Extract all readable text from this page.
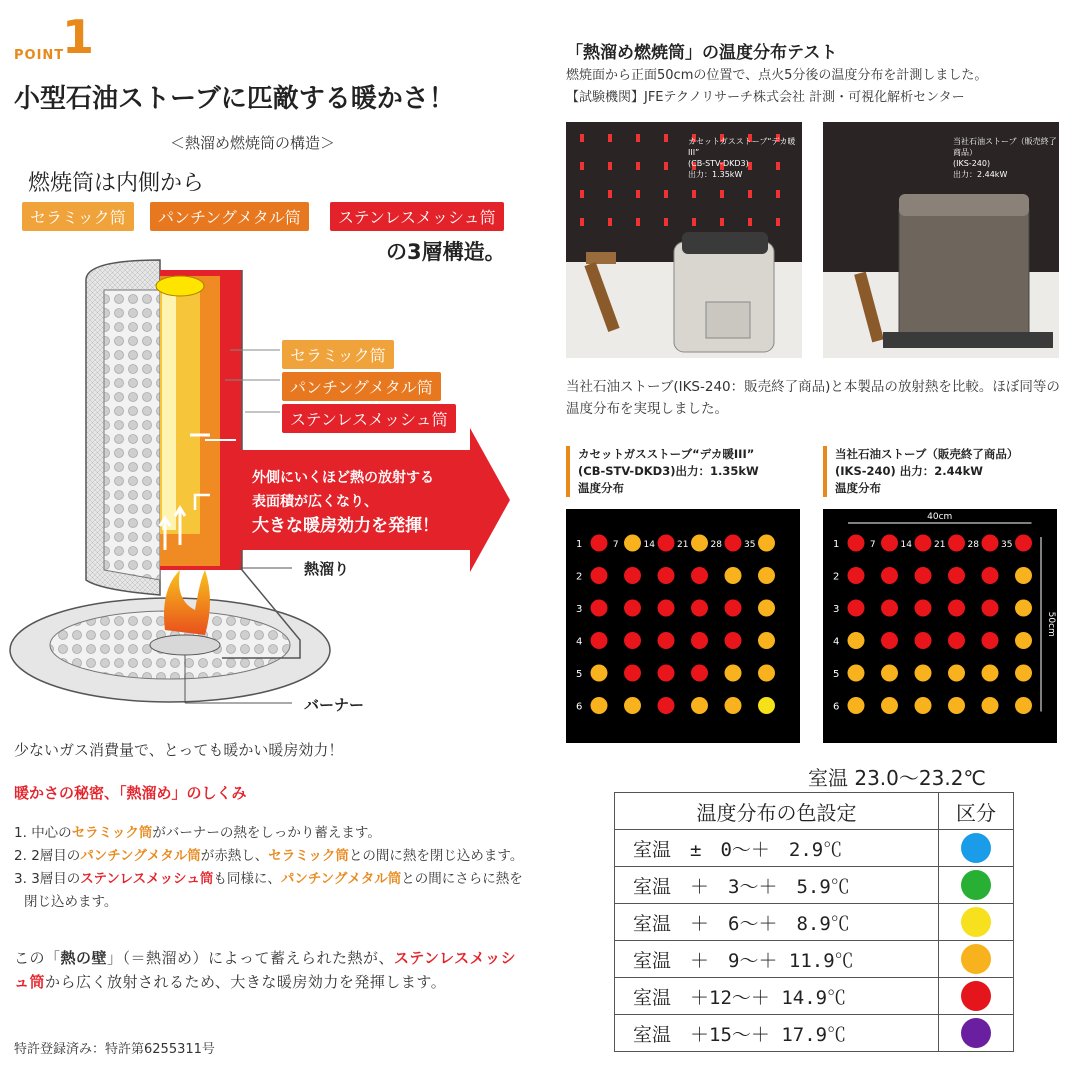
POINT
1
小型石油ストーブに匹敵する暖かさ！
＜熱溜め燃焼筒の構造＞
燃焼筒は内側から
セラミック筒	パンチングメタル筒	ステンレスメッシュ筒
の3層構造。
セラミック筒
パンチングメタル筒
ステンレスメッシュ筒
外側にいくほど熱の放射する
表面積が広くなり、
大きな暖房効力を発揮！
熱溜り
バーナー
少ないガス消費量で、とっても暖かい暖房効力！
暖かさの秘密、「熱溜め」のしくみ
1. 中心のセラミック筒がバーナーの熱をしっかり蓄えます。
2. 2層目のパンチングメタル筒が赤熱し、セラミック筒との間に熱を閉じ込めます。
3. 3層目のステンレスメッシュ筒も同様に、パンチングメタル筒との間にさらに熱を閉じ込めます。
この「熱の壁」（＝熱溜め）によって蓄えられた熱が、ステンレスメッシュ筒から広く放射されるため、大きな暖房効力を発揮します。
特許登録済み：特許第6255311号
「熱溜め燃焼筒」の温度分布テスト
燃焼面から正面50cmの位置で、点火5分後の温度分布を計測しました。
【試験機関】JFEテクノリサーチ株式会社 計測・可視化解析センター
カセットガスストーブ“デカ暖III”
(CB-STV-DKD3)
出力：1.35kW
当社石油ストーブ（販売終了商品）
(IKS-240)
出力：2.44kW
当社石油ストーブ(IKS-240：販売終了商品)と本製品の放射熱を比較。ほぼ同等の温度分布を実現しました。
カセットガスストーブ“デカ暖III”
(CB-STV-DKD3)出力：1.35kW
温度分布
当社石油ストーブ（販売終了商品）
(IKS-240) 出力：2.44kW
温度分布
1
2
3
4
5
6
7	14 21 28 35	1
2
3
4
5
6
7	14 21 28 35
40cm
50cm
室温 23.0〜23.2℃
温度分布の色設定	区分
室温　±　0〜＋　2.9℃	
室温　＋　3〜＋　5.9℃	
室温　＋　6〜＋　8.9℃	
室温　＋　9〜＋ 11.9℃	
室温　＋12〜＋ 14.9℃	
室温　＋15〜＋ 17.9℃	
